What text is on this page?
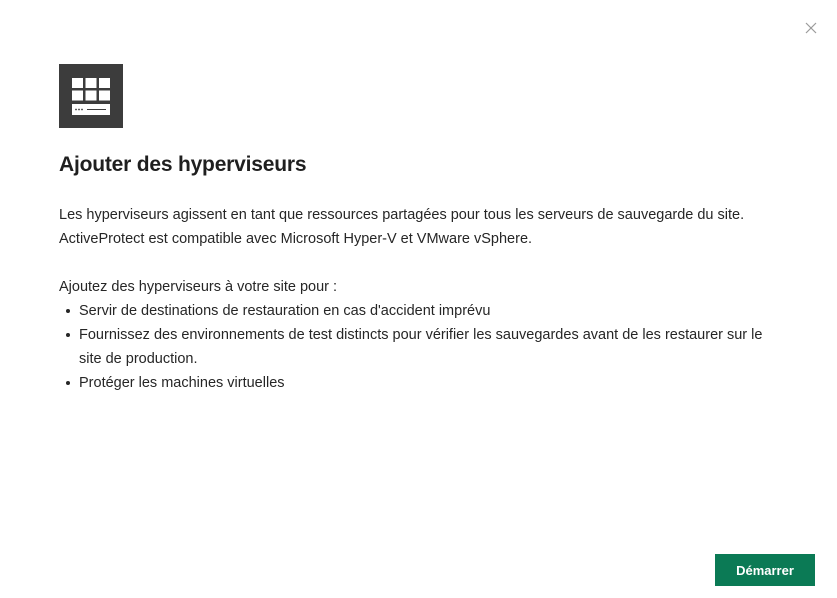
Ajouter des hyperviseurs

Les hyperviseurs agissent en tant que ressources partagées pour tous les serveurs de sauvegarde du site.
ActiveProtect est compatible avec Microsoft Hyper-V et VMware vSphere.

Ajoutez des hyperviseurs à votre site pour :

Servir de destinations de restauration en cas d'accident imprévu
Fournissez des environnements de test distincts pour vérifier les sauvegardes avant de les restaurer sur le site de production.
Protéger les machines virtuelles
Démarrer
